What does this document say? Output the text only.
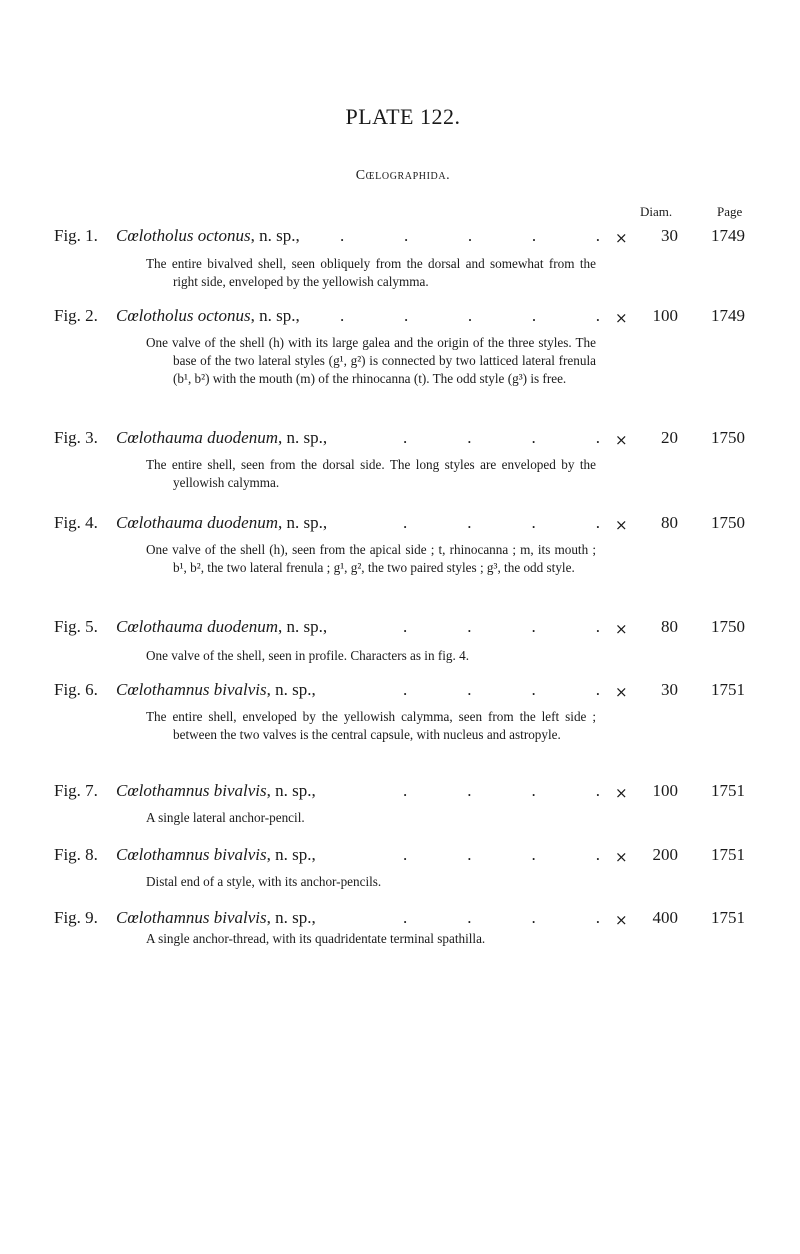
PLATE 122.
Cœlographida.
Diam.	Page
Fig. 1. Cœlotholus octonus, n. sp., .	.	.	.	. ×	30	1749

The entire bivalved shell, seen obliquely from the dorsal and somewhat from the right side, enveloped by the yellowish calymma.

Fig. 2. Cœlotholus octonus, n. sp., .	.	.	.	. ×	100	1749

One valve of the shell (h) with its large galea and the origin of the three styles. The base of the two lateral styles (g¹, g²) is connected by two latticed lateral frenula (b¹, b²) with the mouth (m) of the rhinocanna (t). The odd style (g³) is free.

Fig. 3. Cœlothauma duodenum, n. sp.,	.	.	.	. ×	20	1750

The entire shell, seen from the dorsal side. The long styles are enveloped by the yellowish calymma.

Fig. 4. Cœlothauma duodenum, n. sp.,	.	.	.	. ×	80	1750

One valve of the shell (h), seen from the apical side ; t, rhinocanna ; m, its mouth ; b¹, b², the two lateral frenula ; g¹, g², the two paired styles ; g³, the odd style.

Fig. 5. Cœlothauma duodenum, n. sp.,	.	.	.	. ×	80	1750

One valve of the shell, seen in profile. Characters as in fig. 4.

Fig. 6. Cœlothamnus bivalvis, n. sp.,	.	.	.	. ×	30	1751

The entire shell, enveloped by the yellowish calymma, seen from the left side ; between the two valves is the central capsule, with nucleus and astropyle.

Fig. 7. Cœlothamnus bivalvis, n. sp.,	.	.	.	. ×	100	1751

A single lateral anchor-pencil.

Fig. 8. Cœlothamnus bivalvis, n. sp.,	.	.	.	. ×	200	1751

Distal end of a style, with its anchor-pencils.

Fig. 9. Cœlothamnus bivalvis, n. sp.,	.	.	.	. ×	400	1751

A single anchor-thread, with its quadridentate terminal spathilla.
